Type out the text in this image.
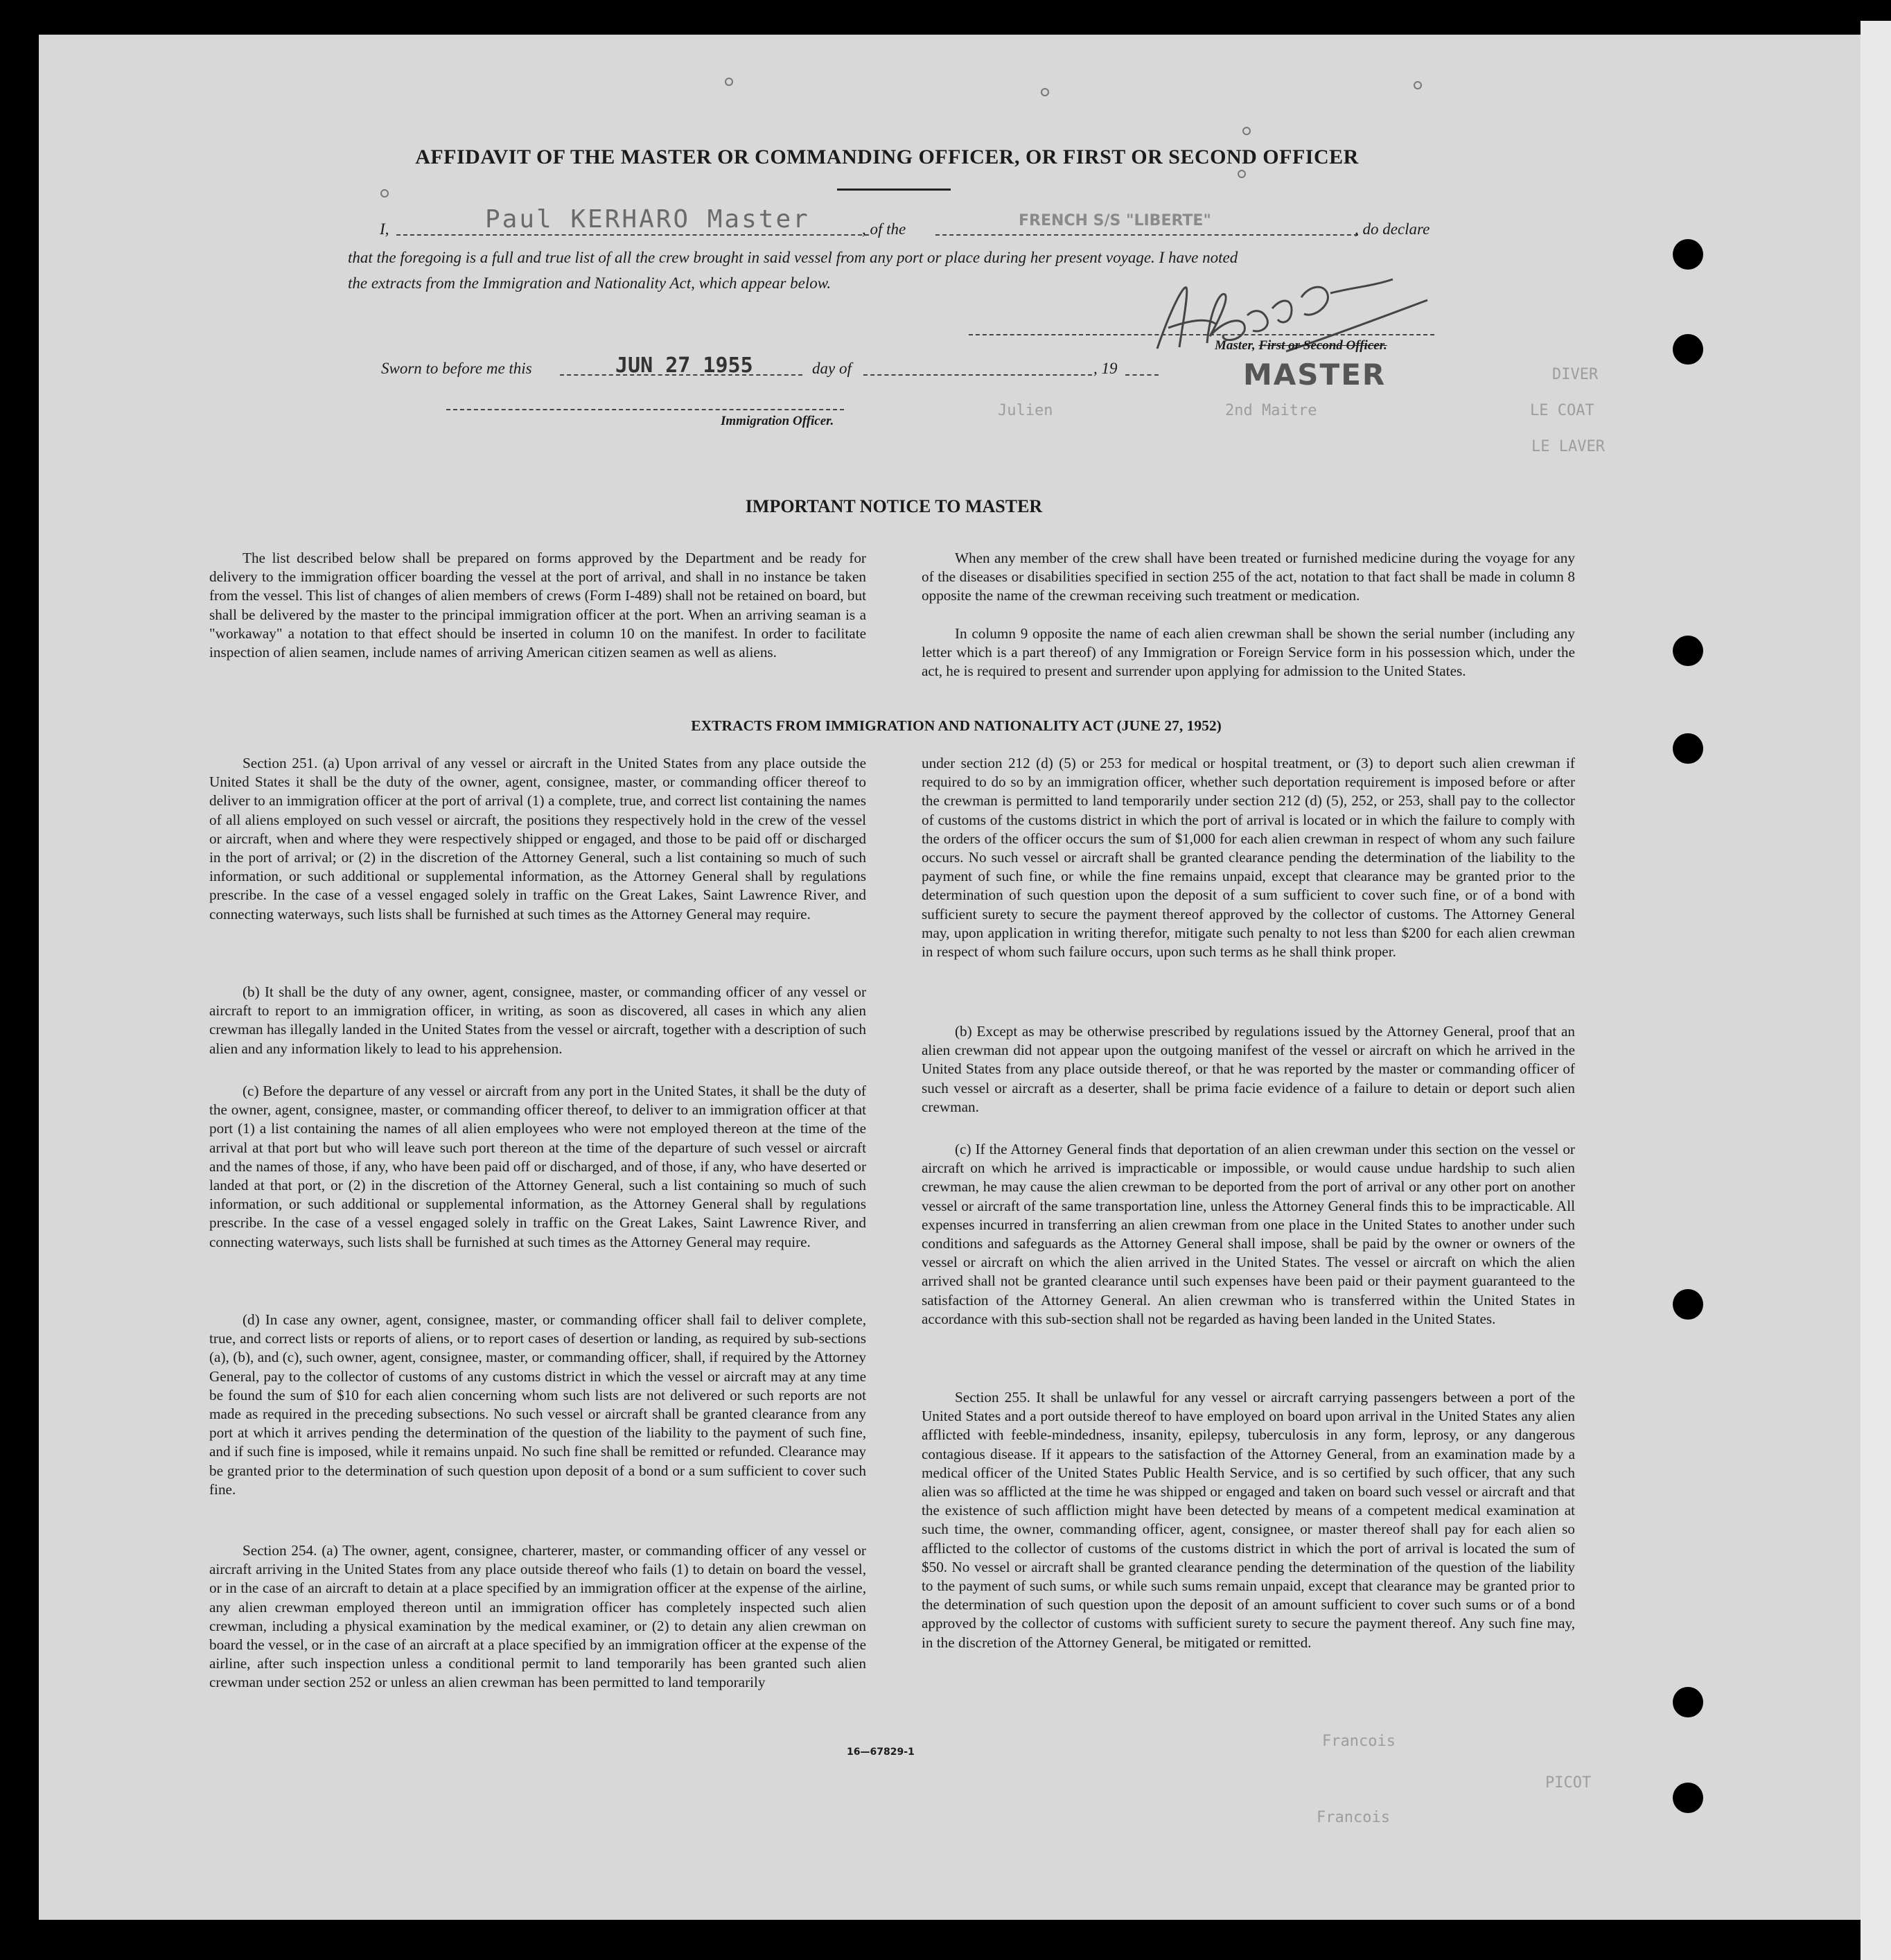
DIVER
LE COAT
LE LAVER
Julien	2nd Maitre
Francois
Francois
PICOT
AFFIDAVIT OF THE MASTER OR COMMANDING OFFICER, OR FIRST OR SECOND OFFICER
I,	Paul KERHARO Master	, of the	FRENCH S/S "LIBERTE"	, do declare
that the foregoing is a full and true list of all the crew brought in said vessel from any port or place during her present voyage. I have noted
the extracts from the Immigration and Nationality Act, which appear below.
Master, First or Second Officer.
MASTER
Sworn to before me this	JUN 27 1955	day of	, 19
Immigration Officer.
IMPORTANT NOTICE TO MASTER

The list described below shall be prepared on forms approved by the Department and be ready for delivery to the immigration officer boarding the vessel at the port of arrival, and shall in no instance be taken from the vessel. This list of changes of alien members of crews (Form I-489) shall not be retained on board, but shall be delivered by the master to the principal immigration officer at the port. When an arriving seaman is a "workaway" a notation to that effect should be inserted in column 10 on the manifest. In order to facilitate inspection of alien seamen, include names of arriving American citizen seamen as well as aliens.

When any member of the crew shall have been treated or furnished medicine during the voyage for any of the diseases or disabilities specified in section 255 of the act, notation to that fact shall be made in column 8 opposite the name of the crewman receiving such treatment or medication.

In column 9 opposite the name of each alien crewman shall be shown the serial number (including any letter which is a part thereof) of any Immigration or Foreign Service form in his possession which, under the act, he is required to present and surrender upon applying for admission to the United States.

EXTRACTS FROM IMMIGRATION AND NATIONALITY ACT (JUNE 27, 1952)

Section 251. (a) Upon arrival of any vessel or aircraft in the United States from any place outside the United States it shall be the duty of the owner, agent, consignee, master, or commanding officer thereof to deliver to an immigration officer at the port of arrival (1) a complete, true, and correct list containing the names of all aliens employed on such vessel or aircraft, the positions they respectively hold in the crew of the vessel or aircraft, when and where they were respectively shipped or engaged, and those to be paid off or discharged in the port of arrival; or (2) in the discretion of the Attorney General, such a list containing so much of such information, or such additional or supplemental information, as the Attorney General shall by regulations prescribe. In the case of a vessel engaged solely in traffic on the Great Lakes, Saint Lawrence River, and connecting waterways, such lists shall be furnished at such times as the Attorney General may require.

(b) It shall be the duty of any owner, agent, consignee, master, or commanding officer of any vessel or aircraft to report to an immigration officer, in writing, as soon as discovered, all cases in which any alien crewman has illegally landed in the United States from the vessel or aircraft, together with a description of such alien and any information likely to lead to his apprehension.

(c) Before the departure of any vessel or aircraft from any port in the United States, it shall be the duty of the owner, agent, consignee, master, or commanding officer thereof, to deliver to an immigration officer at that port (1) a list containing the names of all alien employees who were not employed thereon at the time of the arrival at that port but who will leave such port thereon at the time of the departure of such vessel or aircraft and the names of those, if any, who have been paid off or discharged, and of those, if any, who have deserted or landed at that port, or (2) in the discretion of the Attorney General, such a list containing so much of such information, or such additional or supplemental information, as the Attorney General shall by regulations prescribe. In the case of a vessel engaged solely in traffic on the Great Lakes, Saint Lawrence River, and connecting waterways, such lists shall be furnished at such times as the Attorney General may require.

(d) In case any owner, agent, consignee, master, or commanding officer shall fail to deliver complete, true, and correct lists or reports of aliens, or to report cases of desertion or landing, as required by sub-sections (a), (b), and (c), such owner, agent, consignee, master, or commanding officer, shall, if required by the Attorney General, pay to the collector of customs of any customs district in which the vessel or aircraft may at any time be found the sum of $10 for each alien concerning whom such lists are not delivered or such reports are not made as required in the preceding subsections. No such vessel or aircraft shall be granted clearance from any port at which it arrives pending the determination of the question of the liability to the payment of such fine, and if such fine is imposed, while it remains unpaid. No such fine shall be remitted or refunded. Clearance may be granted prior to the determination of such question upon deposit of a bond or a sum sufficient to cover such fine.

Section 254. (a) The owner, agent, consignee, charterer, master, or commanding officer of any vessel or aircraft arriving in the United States from any place outside thereof who fails (1) to detain on board the vessel, or in the case of an aircraft to detain at a place specified by an immigration officer at the expense of the airline, any alien crewman employed thereon until an immigration officer has completely inspected such alien crewman, including a physical examination by the medical examiner, or (2) to detain any alien crewman on board the vessel, or in the case of an aircraft at a place specified by an immigration officer at the expense of the airline, after such inspection unless a conditional permit to land temporarily has been granted such alien crewman under section 252 or unless an alien crewman has been permitted to land temporarily

under section 212 (d) (5) or 253 for medical or hospital treatment, or (3) to deport such alien crewman if required to do so by an immigration officer, whether such deportation requirement is imposed before or after the crewman is permitted to land temporarily under section 212 (d) (5), 252, or 253, shall pay to the collector of customs of the customs district in which the port of arrival is located or in which the failure to comply with the orders of the officer occurs the sum of $1,000 for each alien crewman in respect of whom any such failure occurs. No such vessel or aircraft shall be granted clearance pending the determination of the liability to the payment of such fine, or while the fine remains unpaid, except that clearance may be granted prior to the determination of such question upon the deposit of a sum sufficient to cover such fine, or of a bond with sufficient surety to secure the payment thereof approved by the collector of customs. The Attorney General may, upon application in writing therefor, mitigate such penalty to not less than $200 for each alien crewman in respect of whom such failure occurs, upon such terms as he shall think proper.

(b) Except as may be otherwise prescribed by regulations issued by the Attorney General, proof that an alien crewman did not appear upon the outgoing manifest of the vessel or aircraft on which he arrived in the United States from any place outside thereof, or that he was reported by the master or commanding officer of such vessel or aircraft as a deserter, shall be prima facie evidence of a failure to detain or deport such alien crewman.

(c) If the Attorney General finds that deportation of an alien crewman under this section on the vessel or aircraft on which he arrived is impracticable or impossible, or would cause undue hardship to such alien crewman, he may cause the alien crewman to be deported from the port of arrival or any other port on another vessel or aircraft of the same transportation line, unless the Attorney General finds this to be impracticable. All expenses incurred in transferring an alien crewman from one place in the United States to another under such conditions and safeguards as the Attorney General shall impose, shall be paid by the owner or owners of the vessel or aircraft on which the alien arrived in the United States. The vessel or aircraft on which the alien arrived shall not be granted clearance until such expenses have been paid or their payment guaranteed to the satisfaction of the Attorney General. An alien crewman who is transferred within the United States in accordance with this sub-section shall not be regarded as having been landed in the United States.

Section 255. It shall be unlawful for any vessel or aircraft carrying passengers between a port of the United States and a port outside thereof to have employed on board upon arrival in the United States any alien afflicted with feeble-mindedness, insanity, epilepsy, tuberculosis in any form, leprosy, or any dangerous contagious disease. If it appears to the satisfaction of the Attorney General, from an examination made by a medical officer of the United States Public Health Service, and is so certified by such officer, that any such alien was so afflicted at the time he was shipped or engaged and taken on board such vessel or aircraft and that the existence of such affliction might have been detected by means of a competent medical examination at such time, the owner, commanding officer, agent, consignee, or master thereof shall pay for each alien so afflicted to the collector of customs of the customs district in which the port of arrival is located the sum of $50. No vessel or aircraft shall be granted clearance pending the determination of the question of the liability to the payment of such sums, or while such sums remain unpaid, except that clearance may be granted prior to the determination of such question upon the deposit of an amount sufficient to cover such sums or of a bond approved by the collector of customs with sufficient surety to secure the payment thereof. Any such fine may, in the discretion of the Attorney General, be mitigated or remitted.

16—67829-1
